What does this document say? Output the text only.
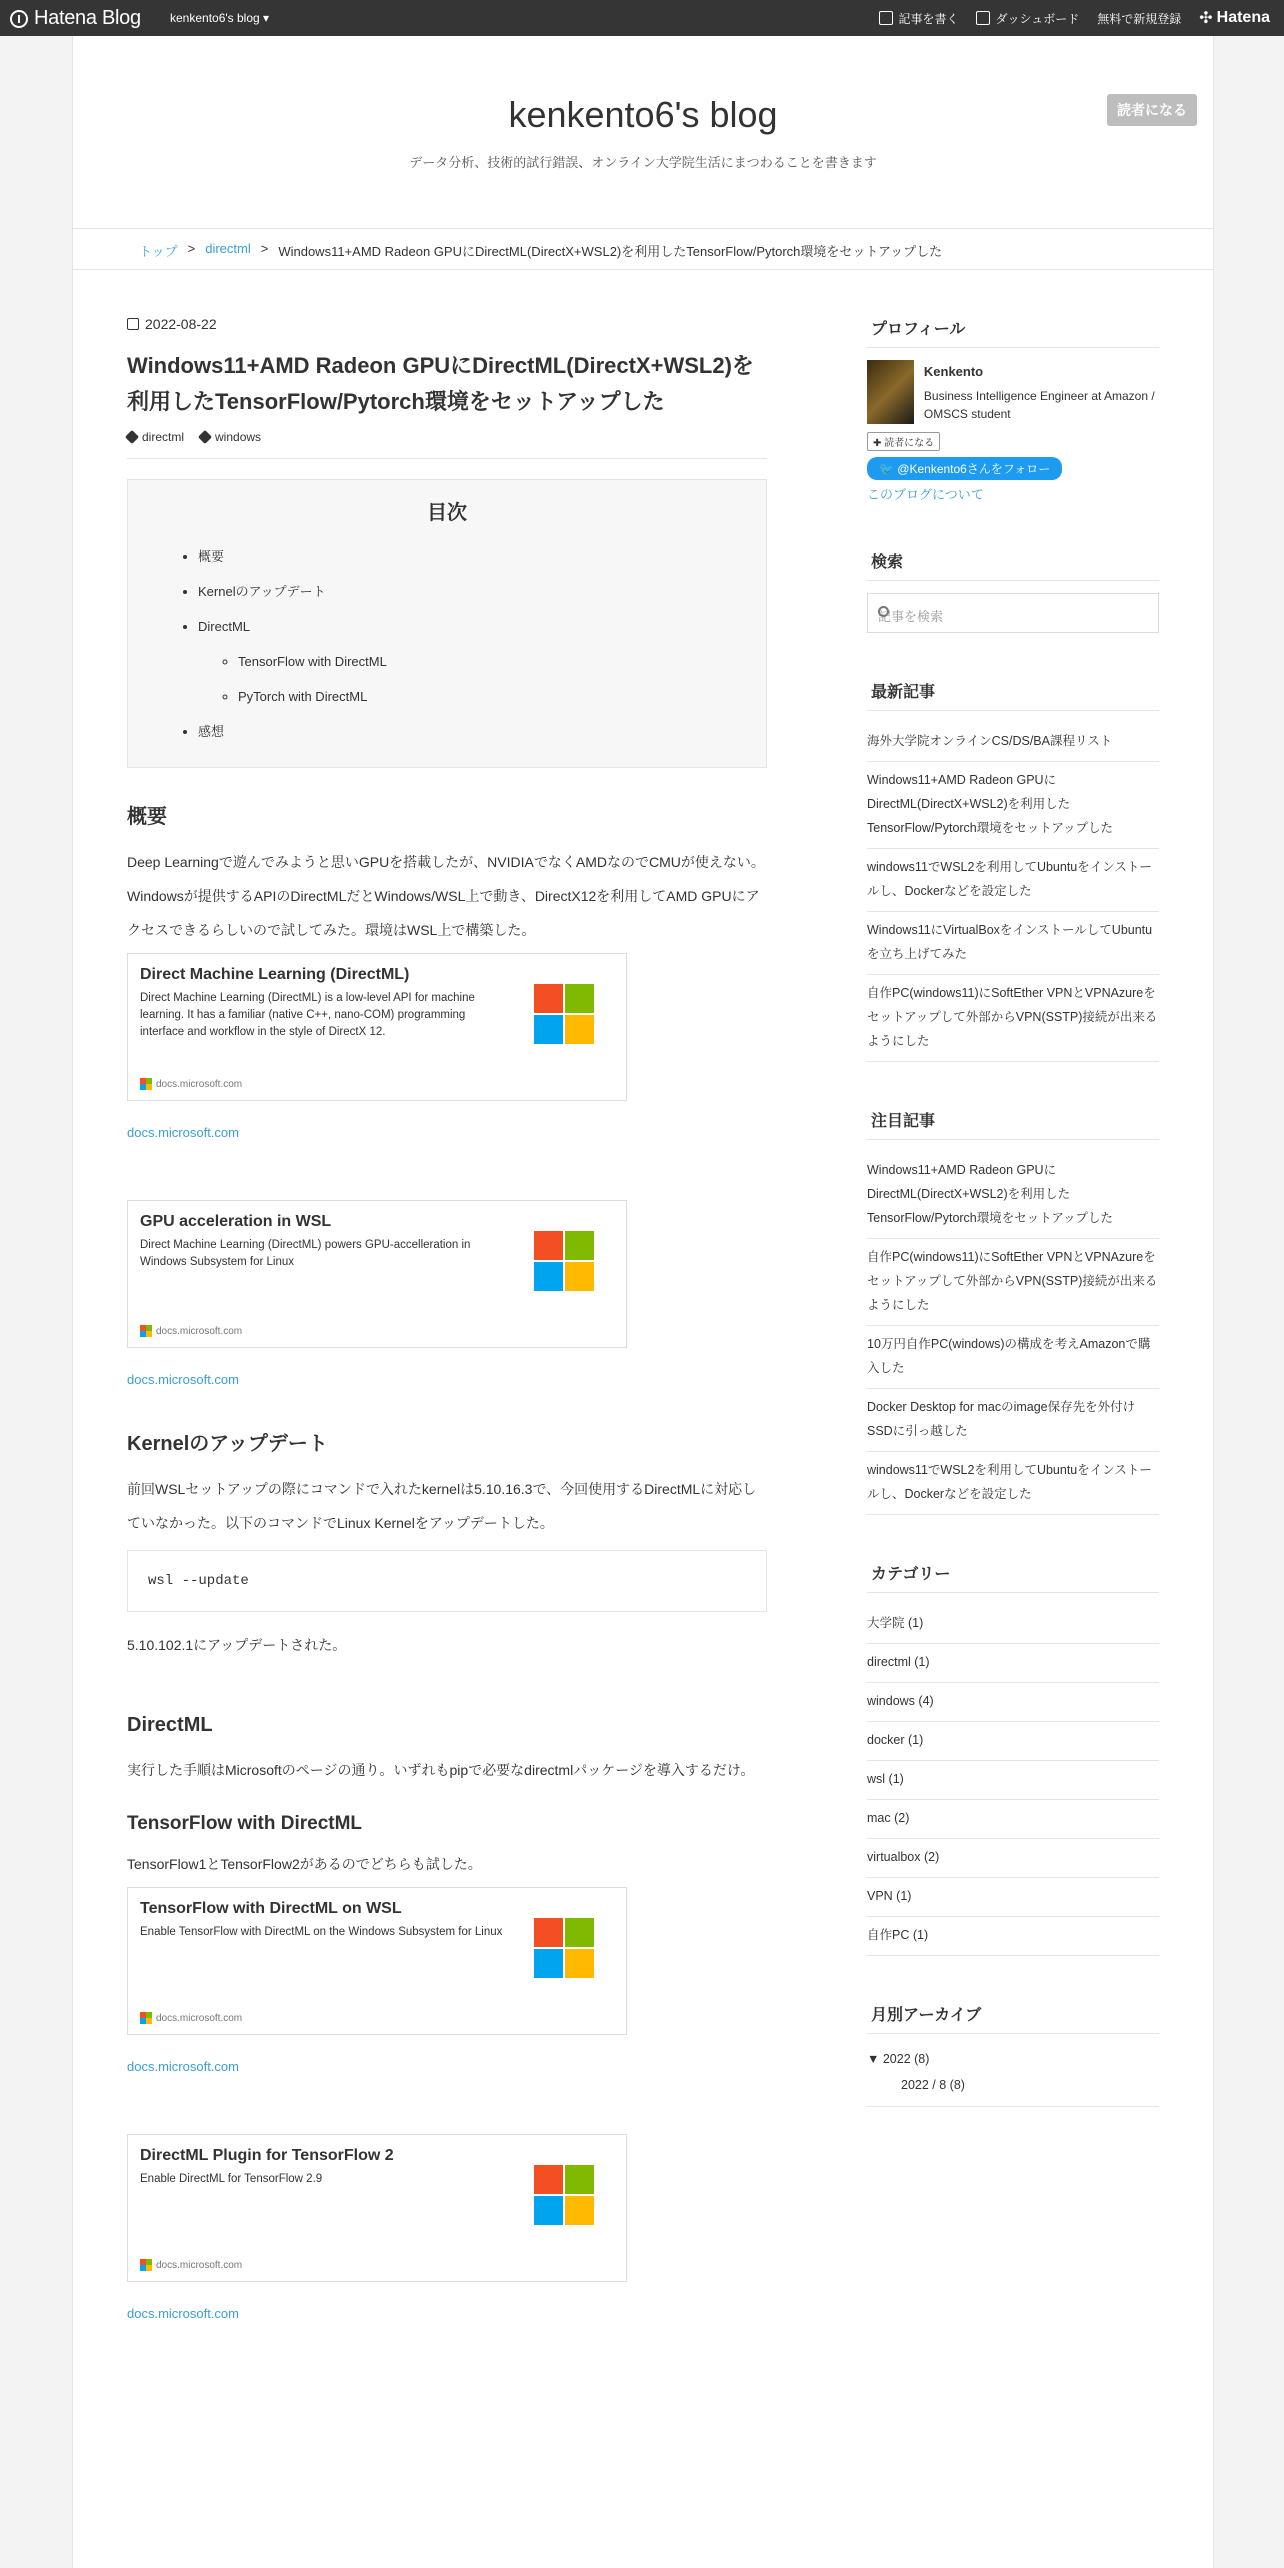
Hatena Blog kenkento6's blog ▾	記事を書く	ダッシュボード 無料で新規登録 ✣ Hatena
読者になる
kenkento6's blog
データ分析、技術的試行錯誤、オンライン大学院生活にまつわることを書きます
トップ > directml > Windows11+AMD Radeon GPUにDirectML(DirectX+WSL2)を利用したTensorFlow/Pytorch環境をセットアップした
2022-08-22
Windows11+AMD Radeon GPUにDirectML(DirectX+WSL2)を利用したTensorFlow/Pytorch環境をセットアップした
directml	windows
目次
• 概要
• Kernelのアップデート
• DirectML
◦ TensorFlow with DirectML
◦ PyTorch with DirectML
• 感想
概要

Deep Learningで遊んでみようと思いGPUを搭載したが、NVIDIAでなくAMDなのでCMUが使えない。

Windowsが提供するAPIのDirectMLだとWindows/WSL上で動き、DirectX12を利用してAMD GPUにアクセスできるらしいので試してみた。環境はWSL上で構築した。

Direct Machine Learning (DirectML)
Direct Machine Learning (DirectML) is a low-level API for machine learning. It has a familiar (native C++, nano-COM) programming interface and workflow in the style of DirectX 12.
docs.microsoft.com
docs.microsoft.com
GPU acceleration in WSL
Direct Machine Learning (DirectML) powers GPU-accelleration in Windows Subsystem for Linux
docs.microsoft.com
docs.microsoft.com
Kernelのアップデート

前回WSLセットアップの際にコマンドで入れたkernelは5.10.16.3で、今回使用するDirectMLに対応していなかった。以下のコマンドでLinux Kernelをアップデートした。

wsl --update

5.10.102.1にアップデートされた。

DirectML

実行した手順はMicrosoftのページの通り。いずれもpipで必要なdirectmlパッケージを導入するだけ。

TensorFlow with DirectML

TensorFlow1とTensorFlow2があるのでどちらも試した。

TensorFlow with DirectML on WSL
Enable TensorFlow with DirectML on the Windows Subsystem for Linux
docs.microsoft.com
docs.microsoft.com
DirectML Plugin for TensorFlow 2
Enable DirectML for TensorFlow 2.9
docs.microsoft.com
docs.microsoft.com
プロフィール
Kenkento
Business Intelligence Engineer at Amazon / OMSCS student
✚ 読者になる
🐦 @Kenkento6さんをフォロー
このブログについて
検索
記事を検索
最新記事
海外大学院オンラインCS/DS/BA課程リスト
Windows11+AMD Radeon GPUにDirectML(DirectX+WSL2)を利用したTensorFlow/Pytorch環境をセットアップした
windows11でWSL2を利用してUbuntuをインストールし、Dockerなどを設定した
Windows11にVirtualBoxをインストールしてUbuntuを立ち上げてみた
自作PC(windows11)にSoftEther VPNとVPNAzureをセットアップして外部からVPN(SSTP)接続が出来るようにした
注目記事
Windows11+AMD Radeon GPUにDirectML(DirectX+WSL2)を利用したTensorFlow/Pytorch環境をセットアップした
自作PC(windows11)にSoftEther VPNとVPNAzureをセットアップして外部からVPN(SSTP)接続が出来るようにした
10万円自作PC(windows)の構成を考えAmazonで購入した
Docker Desktop for macのimage保存先を外付けSSDに引っ越した
windows11でWSL2を利用してUbuntuをインストールし、Dockerなどを設定した
カテゴリー
大学院 (1)
directml (1)
windows (4)
docker (1)
wsl (1)
mac (2)
virtualbox (2)
VPN (1)
自作PC (1)
月別アーカイブ
▼ 2022 (8)
2022 / 8 (8)
